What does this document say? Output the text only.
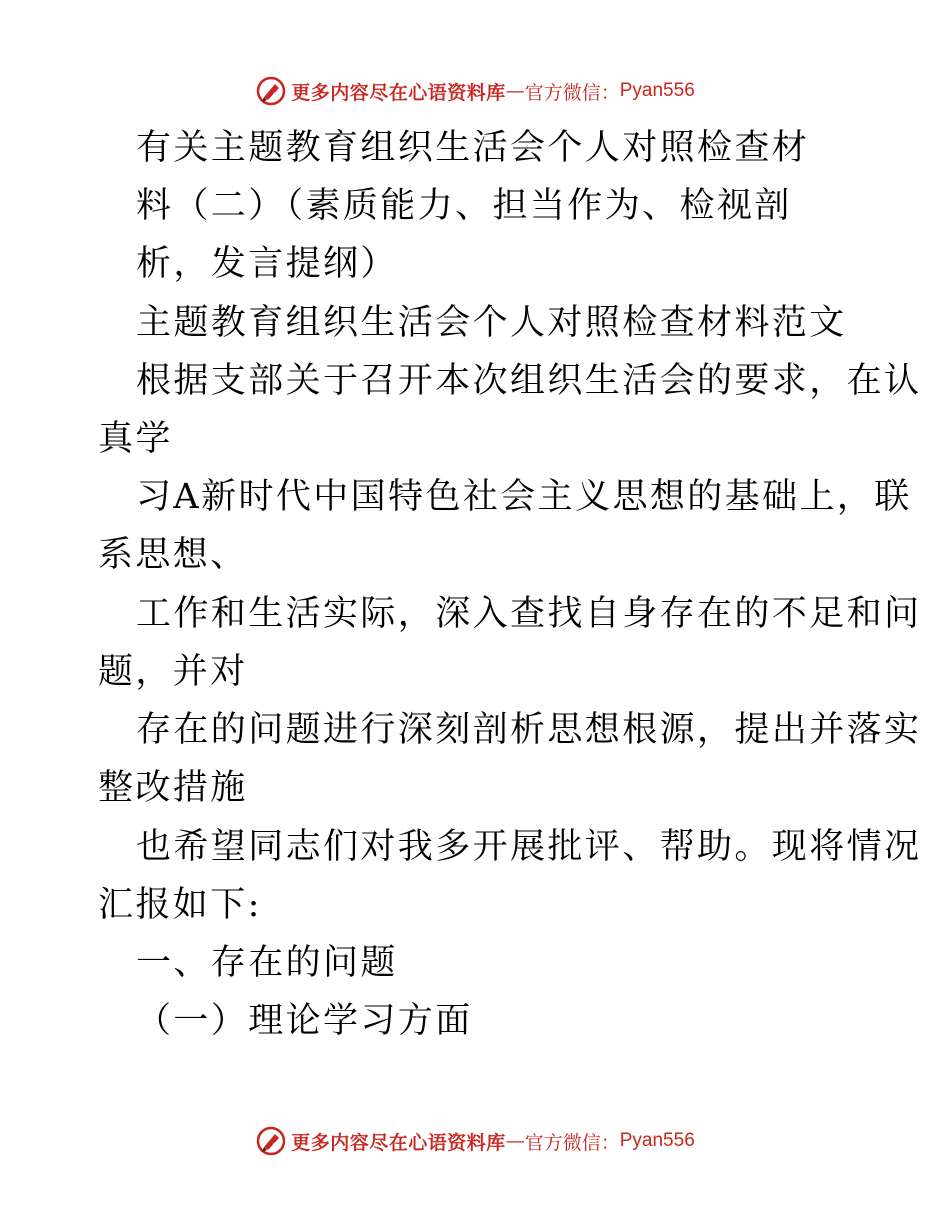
更多内容尽在心语资料库 — 官方微信： Pyan556
有关主题教育组织生活会个人对照检查材
料（二）（素质能力、担当作为、检视剖
析，发言提纲）
主题教育组织生活会个人对照检查材料范文
根据支部关于召开本次组织生活会的要求，在认
真学
习A新时代中国特色社会主义思想的基础上，联
系思想、
工作和生活实际，深入查找自身存在的不足和问
题，并对
存在的问题进行深刻剖析思想根源，提出并落实
整改措施
也希望同志们对我多开展批评、帮助。现将情况
汇报如下:
一、存在的问题
（一）理论学习方面
更多内容尽在心语资料库 — 官方微信： Pyan556
